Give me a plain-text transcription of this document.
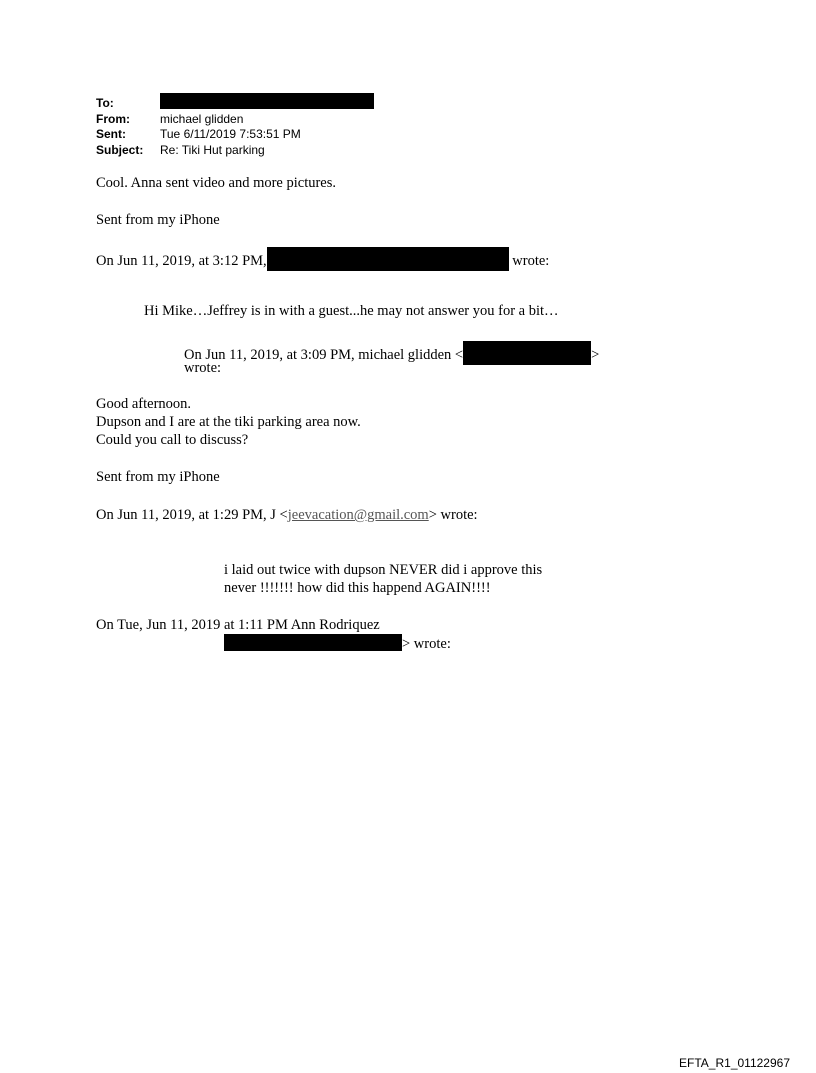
To:
From:	michael glidden
Sent:	Tue 6/11/2019 7:53:51 PM
Subject:	Re: Tiki Hut parking
Cool. Anna sent video and more pictures.
Sent from my iPhone
On Jun 11, 2019, at 3:12 PM,	wrote:
Hi Mike…Jeffrey is in with a guest...he may not answer you for a bit…
On Jun 11, 2019, at 3:09 PM, michael glidden <	>
wrote:
Good afternoon.
Dupson and I are at the tiki parking area now.
Could you call to discuss?
Sent from my iPhone
On Jun 11, 2019, at 1:29 PM, J <jeevacation@gmail.com> wrote:
i laid out twice with dupson NEVER did i approve this
never !!!!!!! how did this happend AGAIN!!!!
On Tue, Jun 11, 2019 at 1:11 PM Ann Rodriquez
> wrote:
EFTA_R1_01122967
